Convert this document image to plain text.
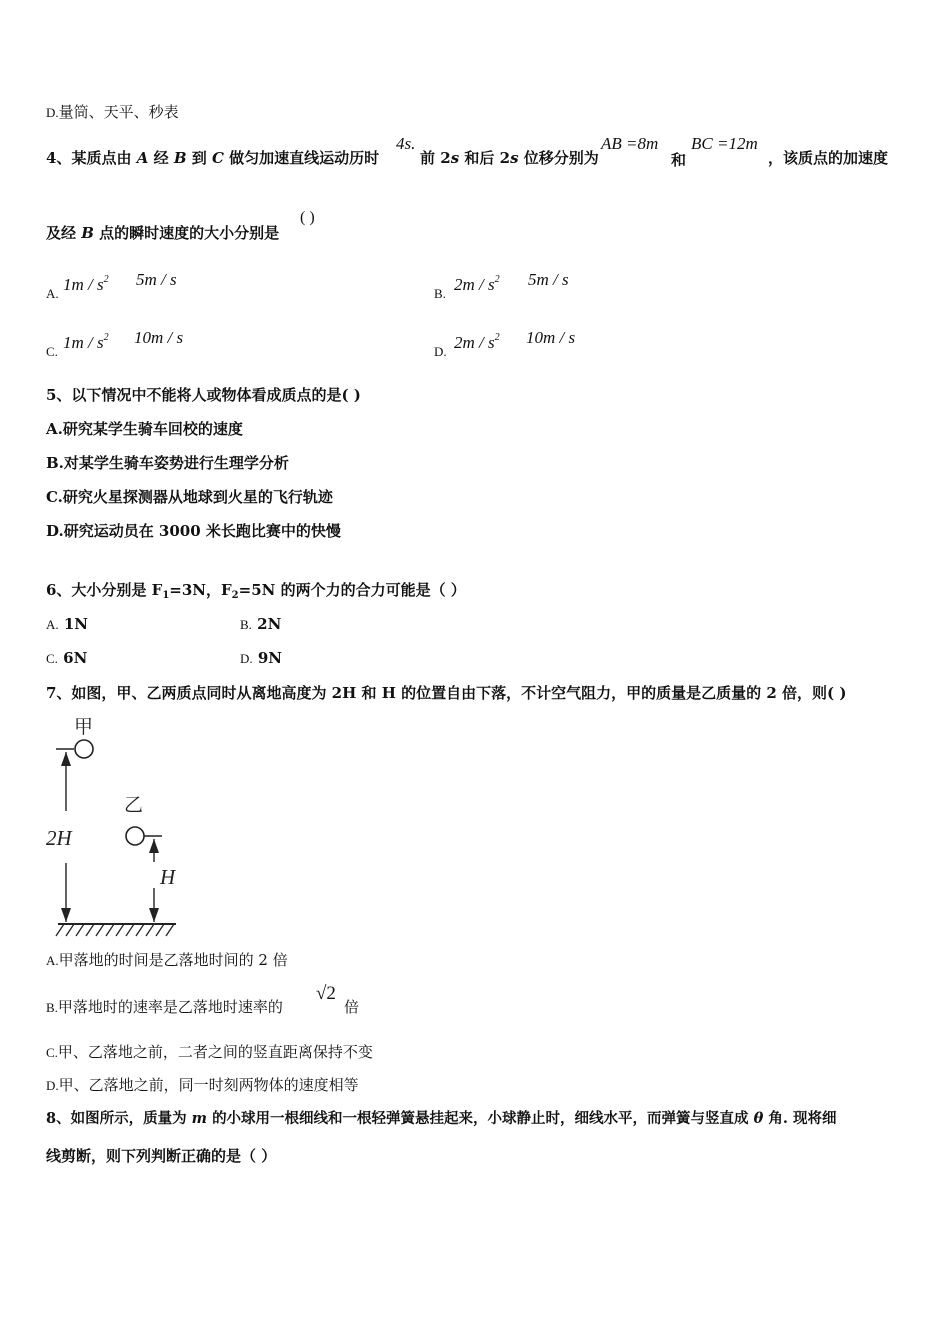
D.量筒、天平、秒表
4、某质点由 A 经 B 到 C 做匀加速直线运动历时
4s.
前 2s 和后 2s 位移分别为
AB =8m
和
BC =12m
，该质点的加速度
及经 B 点的瞬时速度的大小分别是
( )
A. $1m / s^2$ 5m / s
B. $2m / s^2$ 5m / s
C. $1m / s^2$ 10m / s
D. $2m / s^2$ 10m / s
5、以下情况中不能将人或物体看成质点的是( )
A.研究某学生骑车回校的速度
B.对某学生骑车姿势进行生理学分析
C.研究火星探测器从地球到火星的飞行轨迹
D.研究运动员在 3000 米长跑比赛中的快慢
6、大小分别是 $F_1=3N$，$F_2=5N$ 的两个力的合力可能是（ ）
A. 1N	B. 2N
C. 6N	D. 9N
7、如图，甲、乙两质点同时从离地高度为 2H 和 H 的位置自由下落，不计空气阻力，甲的质量是乙质量的 2 倍，则( )
甲
2H
乙
H
A.甲落地的时间是乙落地时间的 2 倍
B.甲落地时的速率是乙落地时速率的
√2
倍
C.甲、乙落地之前，二者之间的竖直距离保持不变
D.甲、乙落地之前，同一时刻两物体的速度相等
8、如图所示，质量为 m 的小球用一根细线和一根轻弹簧悬挂起来，小球静止时，细线水平，而弹簧与竖直成 θ 角. 现将细
线剪断，则下列判断正确的是（ ）
